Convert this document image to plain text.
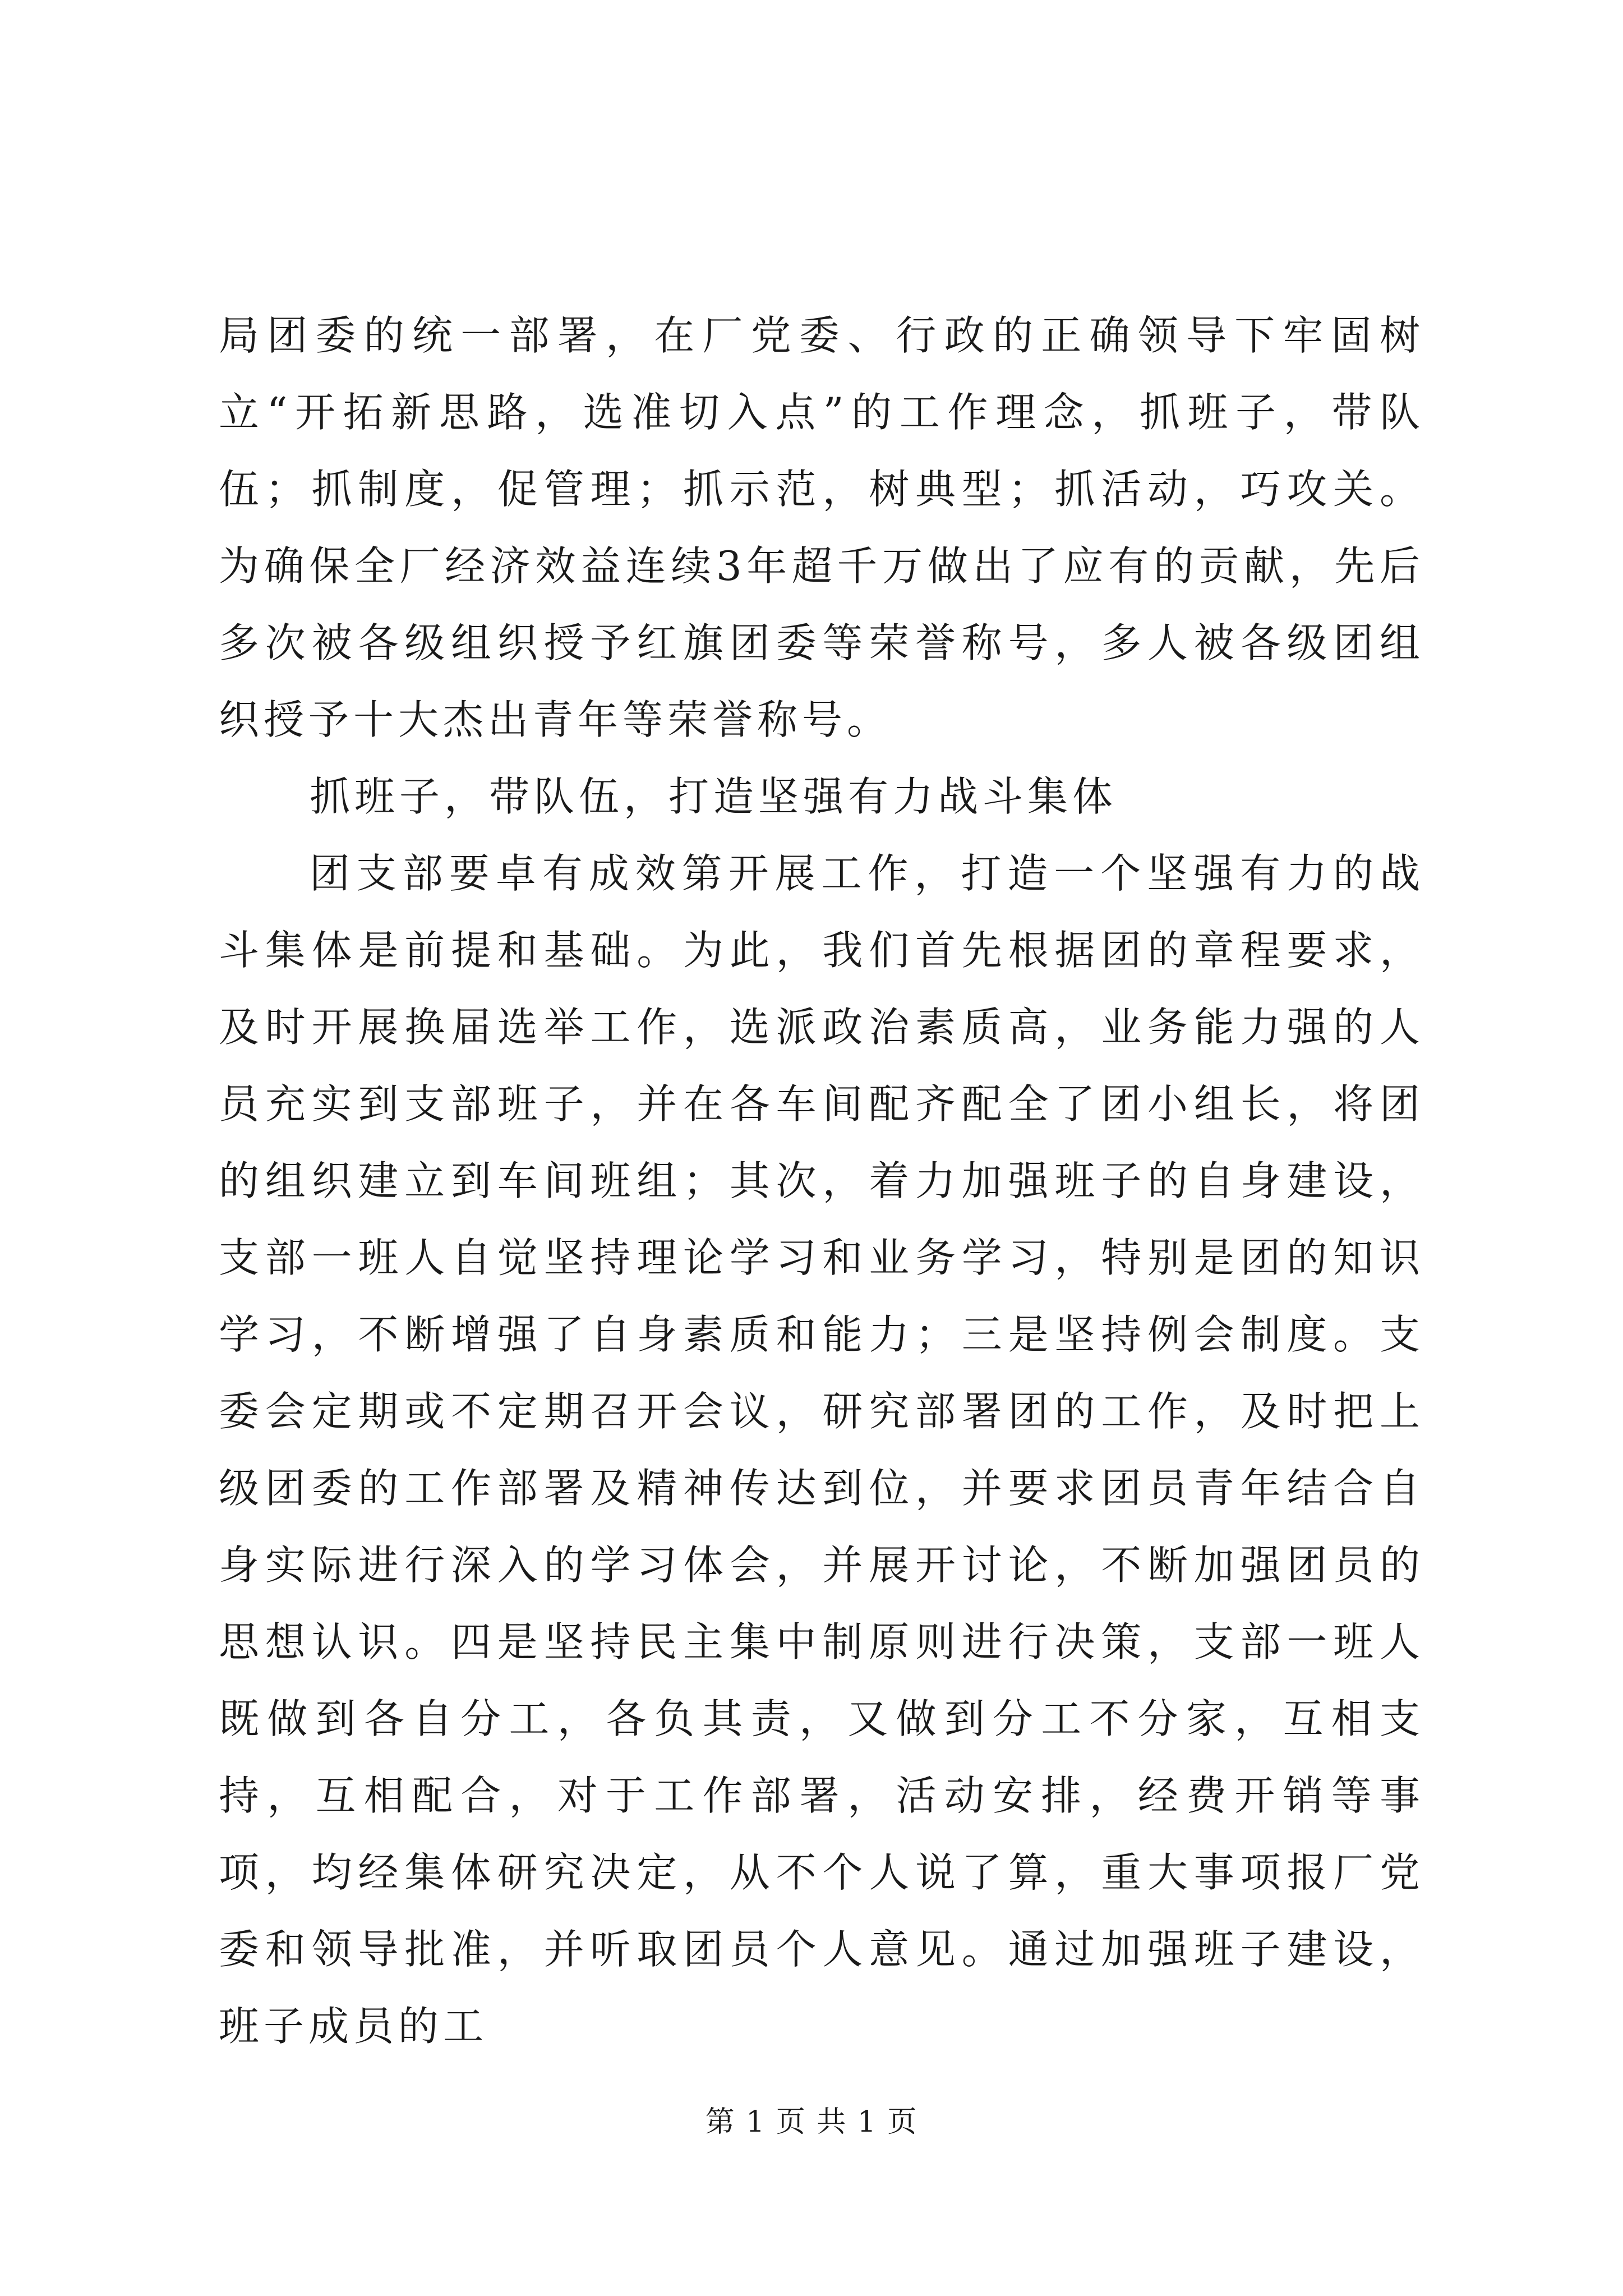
局团委的统一部署，在厂党委、行政的正确领导下牢固树立“开拓新思路，选准切入点”的工作理念，抓班子，带队伍；抓制度，促管理；抓示范，树典型；抓活动，巧攻关。为确保全厂经济效益连续3年超千万做出了应有的贡献，先后多次被各级组织授予红旗团委等荣誉称号，多人被各级团组织授予十大杰出青年等荣誉称号。

抓班子，带队伍，打造坚强有力战斗集体

团支部要卓有成效第开展工作，打造一个坚强有力的战斗集体是前提和基础。为此，我们首先根据团的章程要求，及时开展换届选举工作，选派政治素质高，业务能力强的人员充实到支部班子，并在各车间配齐配全了团小组长，将团的组织建立到车间班组；其次，着力加强班子的自身建设，支部一班人自觉坚持理论学习和业务学习，特别是团的知识学习，不断增强了自身素质和能力；三是坚持例会制度。支委会定期或不定期召开会议，研究部署团的工作，及时把上级团委的工作部署及精神传达到位，并要求团员青年结合自身实际进行深入的学习体会，并展开讨论，不断加强团员的思想认识。四是坚持民主集中制原则进行决策，支部一班人既做到各自分工，各负其责，又做到分工不分家，互相支持，互相配合，对于工作部署，活动安排，经费开销等事项，均经集体研究决定，从不个人说了算，重大事项报厂党委和领导批准，并听取团员个人意见。通过加强班子建设，班子成员的工

第 1 页 共 1 页
